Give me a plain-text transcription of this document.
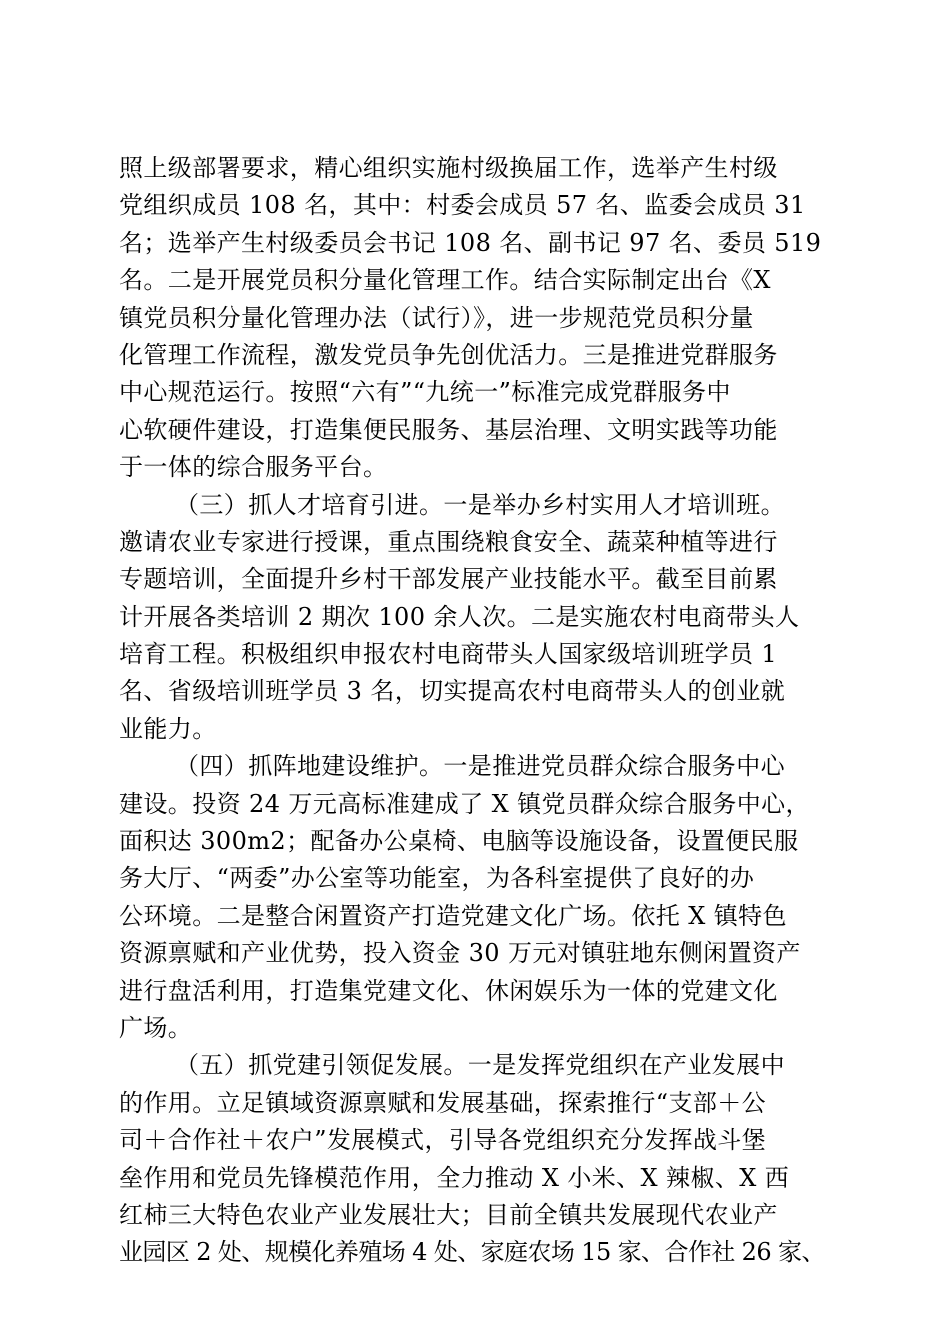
照上级部署要求，精心组织实施村级换届工作，选举产生村级
党组织成员 108 名，其中：村委会成员 57 名、监委会成员 31
名；选举产生村级委员会书记 108 名、副书记 97 名、委员 519
名。二是开展党员积分量化管理工作。结合实际制定出台《X
镇党员积分量化管理办法（试行）》，进一步规范党员积分量
化管理工作流程，激发党员争先创优活力。三是推进党群服务
中心规范运行。按照“六有”“九统一”标准完成党群服务中
心软硬件建设，打造集便民服务、基层治理、文明实践等功能
于一体的综合服务平台。
（三）抓人才培育引进。一是举办乡村实用人才培训班。
邀请农业专家进行授课，重点围绕粮食安全、蔬菜种植等进行
专题培训，全面提升乡村干部发展产业技能水平。截至目前累
计开展各类培训 2 期次 100 余人次。二是实施农村电商带头人
培育工程。积极组织申报农村电商带头人国家级培训班学员 1
名、省级培训班学员 3 名，切实提高农村电商带头人的创业就
业能力。
（四）抓阵地建设维护。一是推进党员群众综合服务中心
建设。投资 24 万元高标准建成了 X 镇党员群众综合服务中心，
面积达 300m2；配备办公桌椅、电脑等设施设备，设置便民服
务大厅、“两委”办公室等功能室，为各科室提供了良好的办
公环境。二是整合闲置资产打造党建文化广场。依托 X 镇特色
资源禀赋和产业优势，投入资金 30 万元对镇驻地东侧闲置资产
进行盘活利用，打造集党建文化、休闲娱乐为一体的党建文化
广场。
（五）抓党建引领促发展。一是发挥党组织在产业发展中
的作用。立足镇域资源禀赋和发展基础，探索推行“支部＋公
司＋合作社＋农户”发展模式，引导各党组织充分发挥战斗堡
垒作用和党员先锋模范作用，全力推动 X 小米、X 辣椒、X 西
红柿三大特色农业产业发展壮大；目前全镇共发展现代农业产
业园区 2 处、规模化养殖场 4 处、家庭农场 15 家、合作社 26 家、
